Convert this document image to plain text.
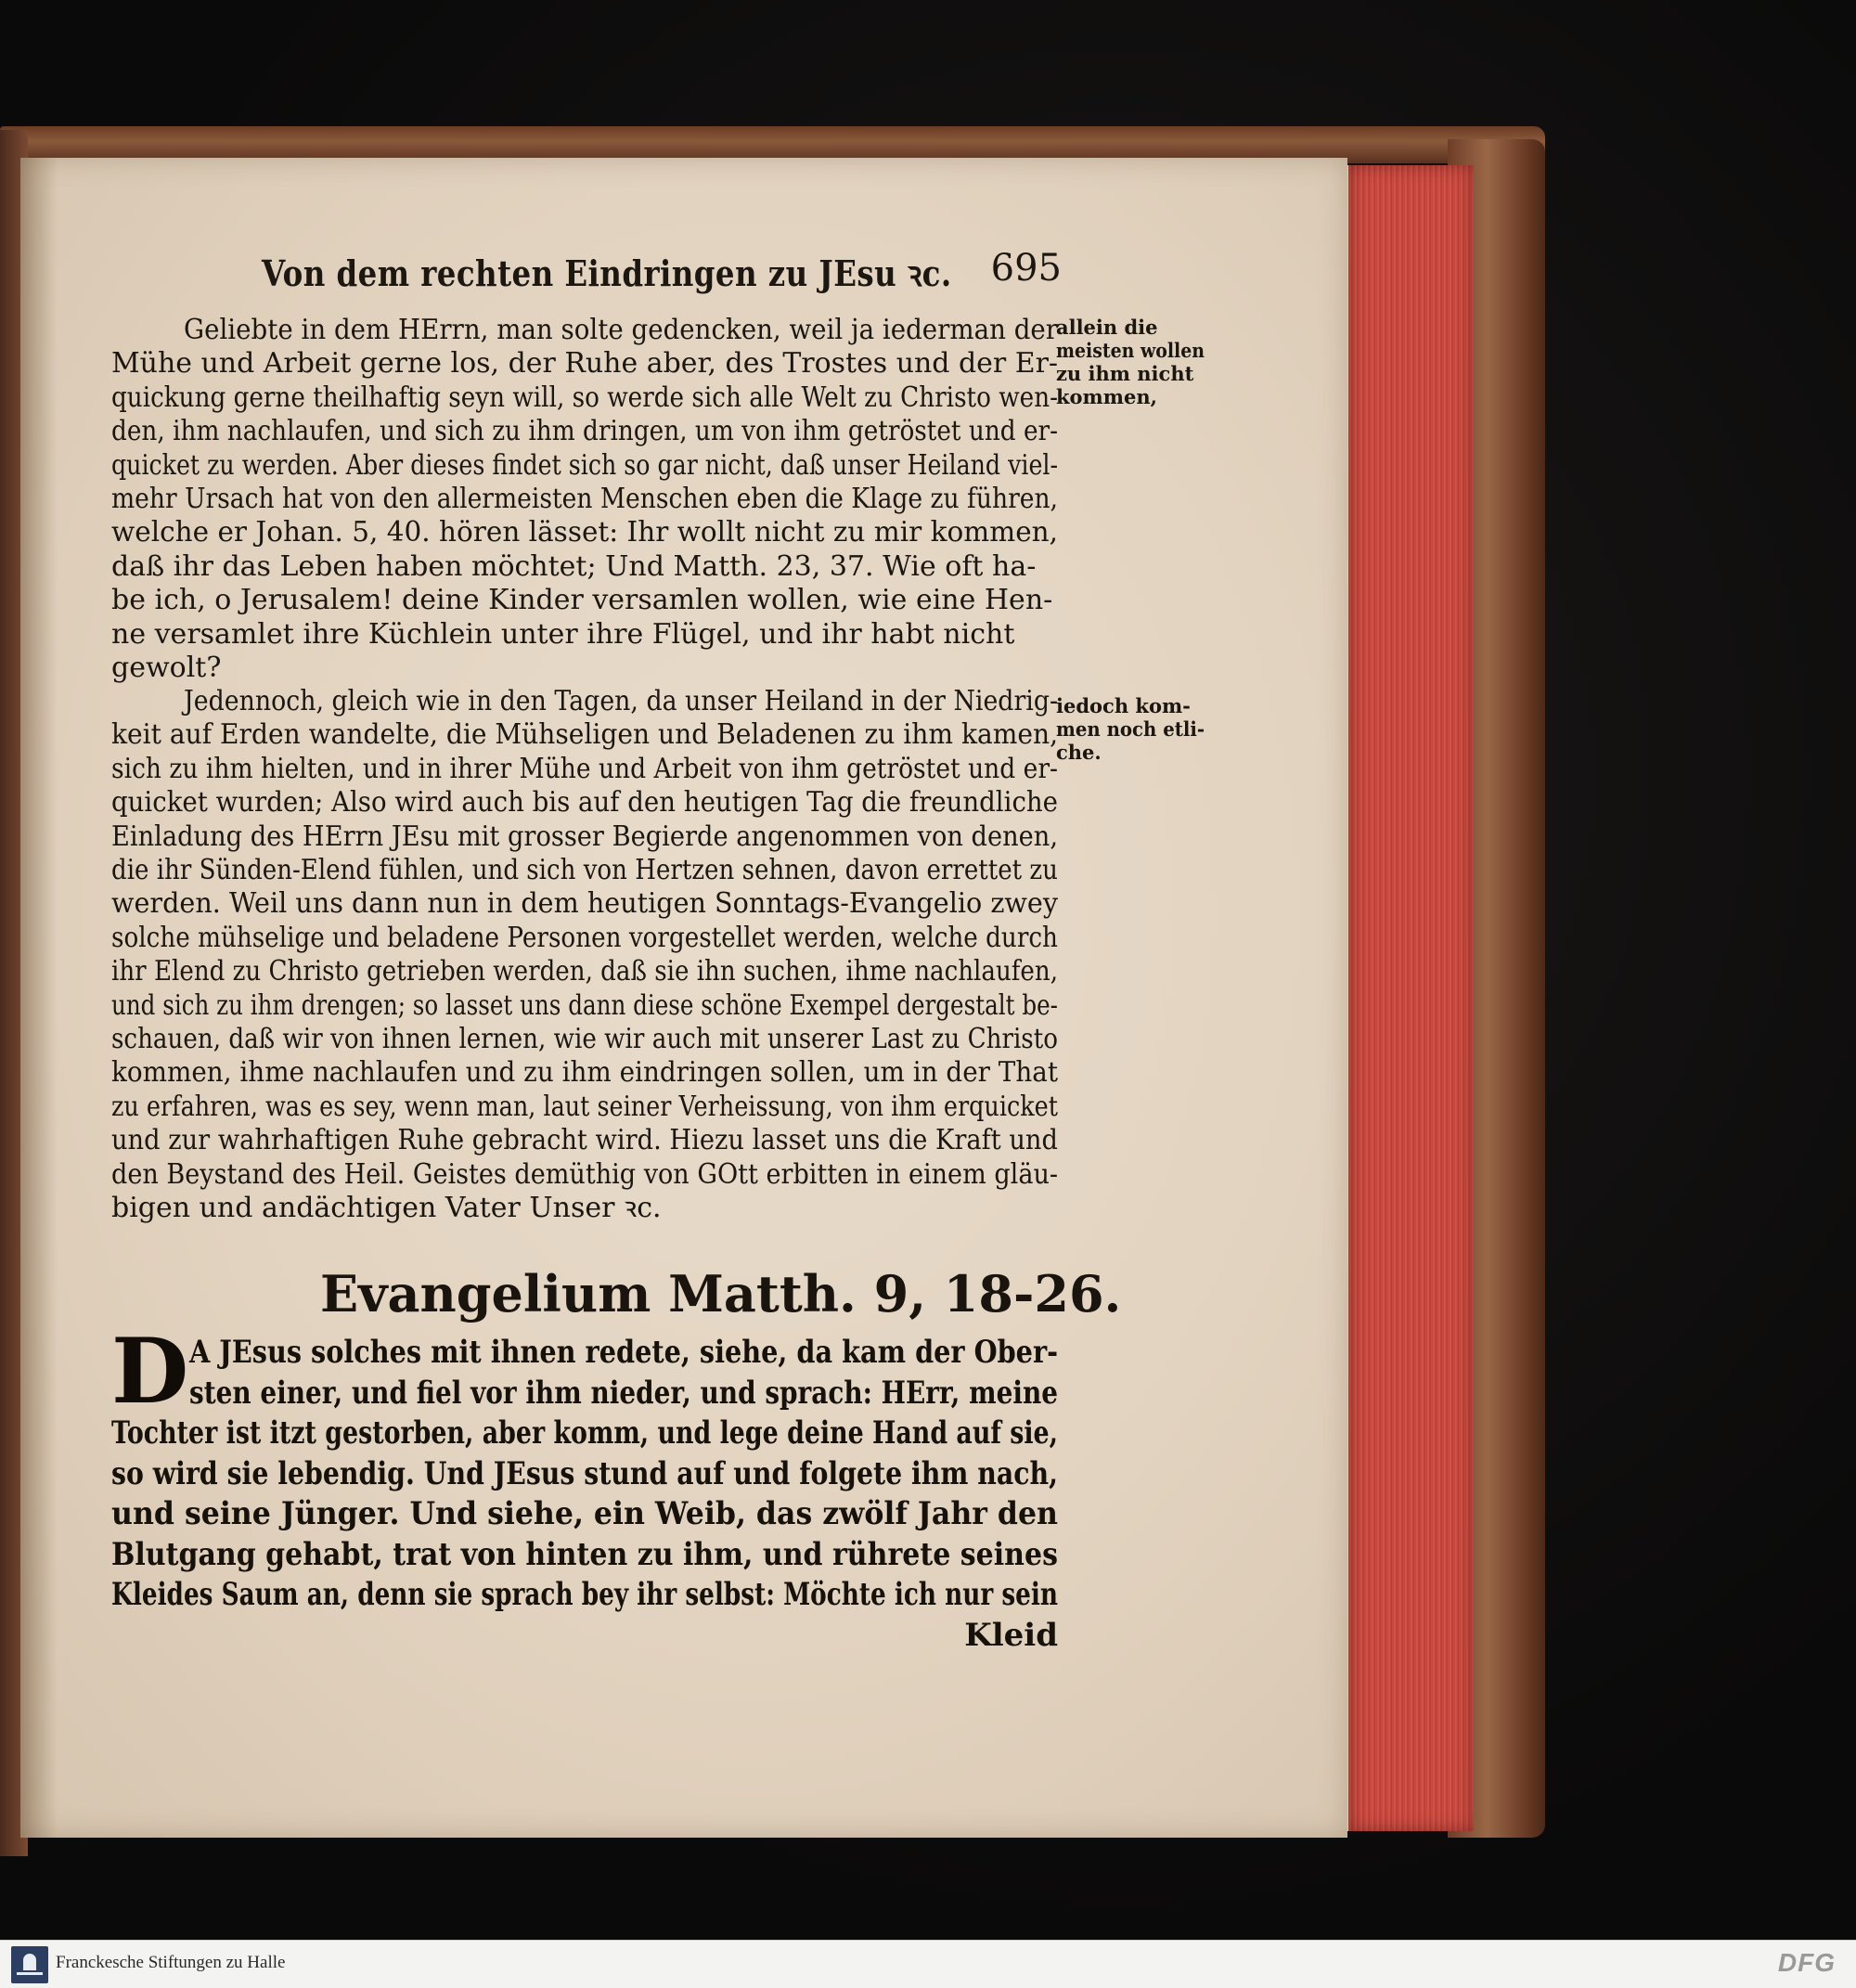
Von dem rechten Eindringen zu JEsu ꝛc. 695
Geliebte in dem HErrn, man solte gedencken, weil ja iederman der
Mühe und Arbeit gerne los, der Ruhe aber, des Trostes und der Er-
quickung gerne theilhaftig seyn will, so werde sich alle Welt zu Christo wen-
den, ihm nachlaufen, und sich zu ihm dringen, um von ihm getröstet und er-
quicket zu werden. Aber dieses findet sich so gar nicht, daß unser Heiland viel-
mehr Ursach hat von den allermeisten Menschen eben die Klage zu führen,
welche er Johan. 5, 40. hören lässet: Ihr wollt nicht zu mir kommen,
daß ihr das Leben haben möchtet; Und Matth. 23, 37. Wie oft ha-
be ich, o Jerusalem! deine Kinder versamlen wollen, wie eine Hen-
ne versamlet ihre Küchlein unter ihre Flügel, und ihr habt nicht
gewolt?
allein die
meisten wollen
zu ihm nicht
kommen,
Jedennoch, gleich wie in den Tagen, da unser Heiland in der Niedrig-
keit auf Erden wandelte, die Mühseligen und Beladenen zu ihm kamen,
sich zu ihm hielten, und in ihrer Mühe und Arbeit von ihm getröstet und er-
quicket wurden; Also wird auch bis auf den heutigen Tag die freundliche
Einladung des HErrn JEsu mit grosser Begierde angenommen von denen,
die ihr Sünden-Elend fühlen, und sich von Hertzen sehnen, davon errettet zu
werden. Weil uns dann nun in dem heutigen Sonntags-Evangelio zwey
solche mühselige und beladene Personen vorgestellet werden, welche durch
ihr Elend zu Christo getrieben werden, daß sie ihn suchen, ihme nachlaufen,
und sich zu ihm drengen; so lasset uns dann diese schöne Exempel dergestalt be-
schauen, daß wir von ihnen lernen, wie wir auch mit unserer Last zu Christo
kommen, ihme nachlaufen und zu ihm eindringen sollen, um in der That
zu erfahren, was es sey, wenn man, laut seiner Verheissung, von ihm erquicket
und zur wahrhaftigen Ruhe gebracht wird. Hiezu lasset uns die Kraft und
den Beystand des Heil. Geistes demüthig von GOtt erbitten in einem gläu-
bigen und andächtigen Vater Unser ꝛc.
iedoch kom-
men noch etli-
che.
Evangelium Matth. 9, 18-26.
D A JEsus solches mit ihnen redete, siehe, da kam der Ober-
sten einer, und fiel vor ihm nieder, und sprach: HErr, meine
Tochter ist itzt gestorben, aber komm, und lege deine Hand auf sie,
so wird sie lebendig. Und JEsus stund auf und folgete ihm nach,
und seine Jünger. Und siehe, ein Weib, das zwölf Jahr den
Blutgang gehabt, trat von hinten zu ihm, und rührete seines
Kleides Saum an, denn sie sprach bey ihr selbst: Möchte ich nur sein
Kleid
Franckesche Stiftungen zu Halle	DFG
